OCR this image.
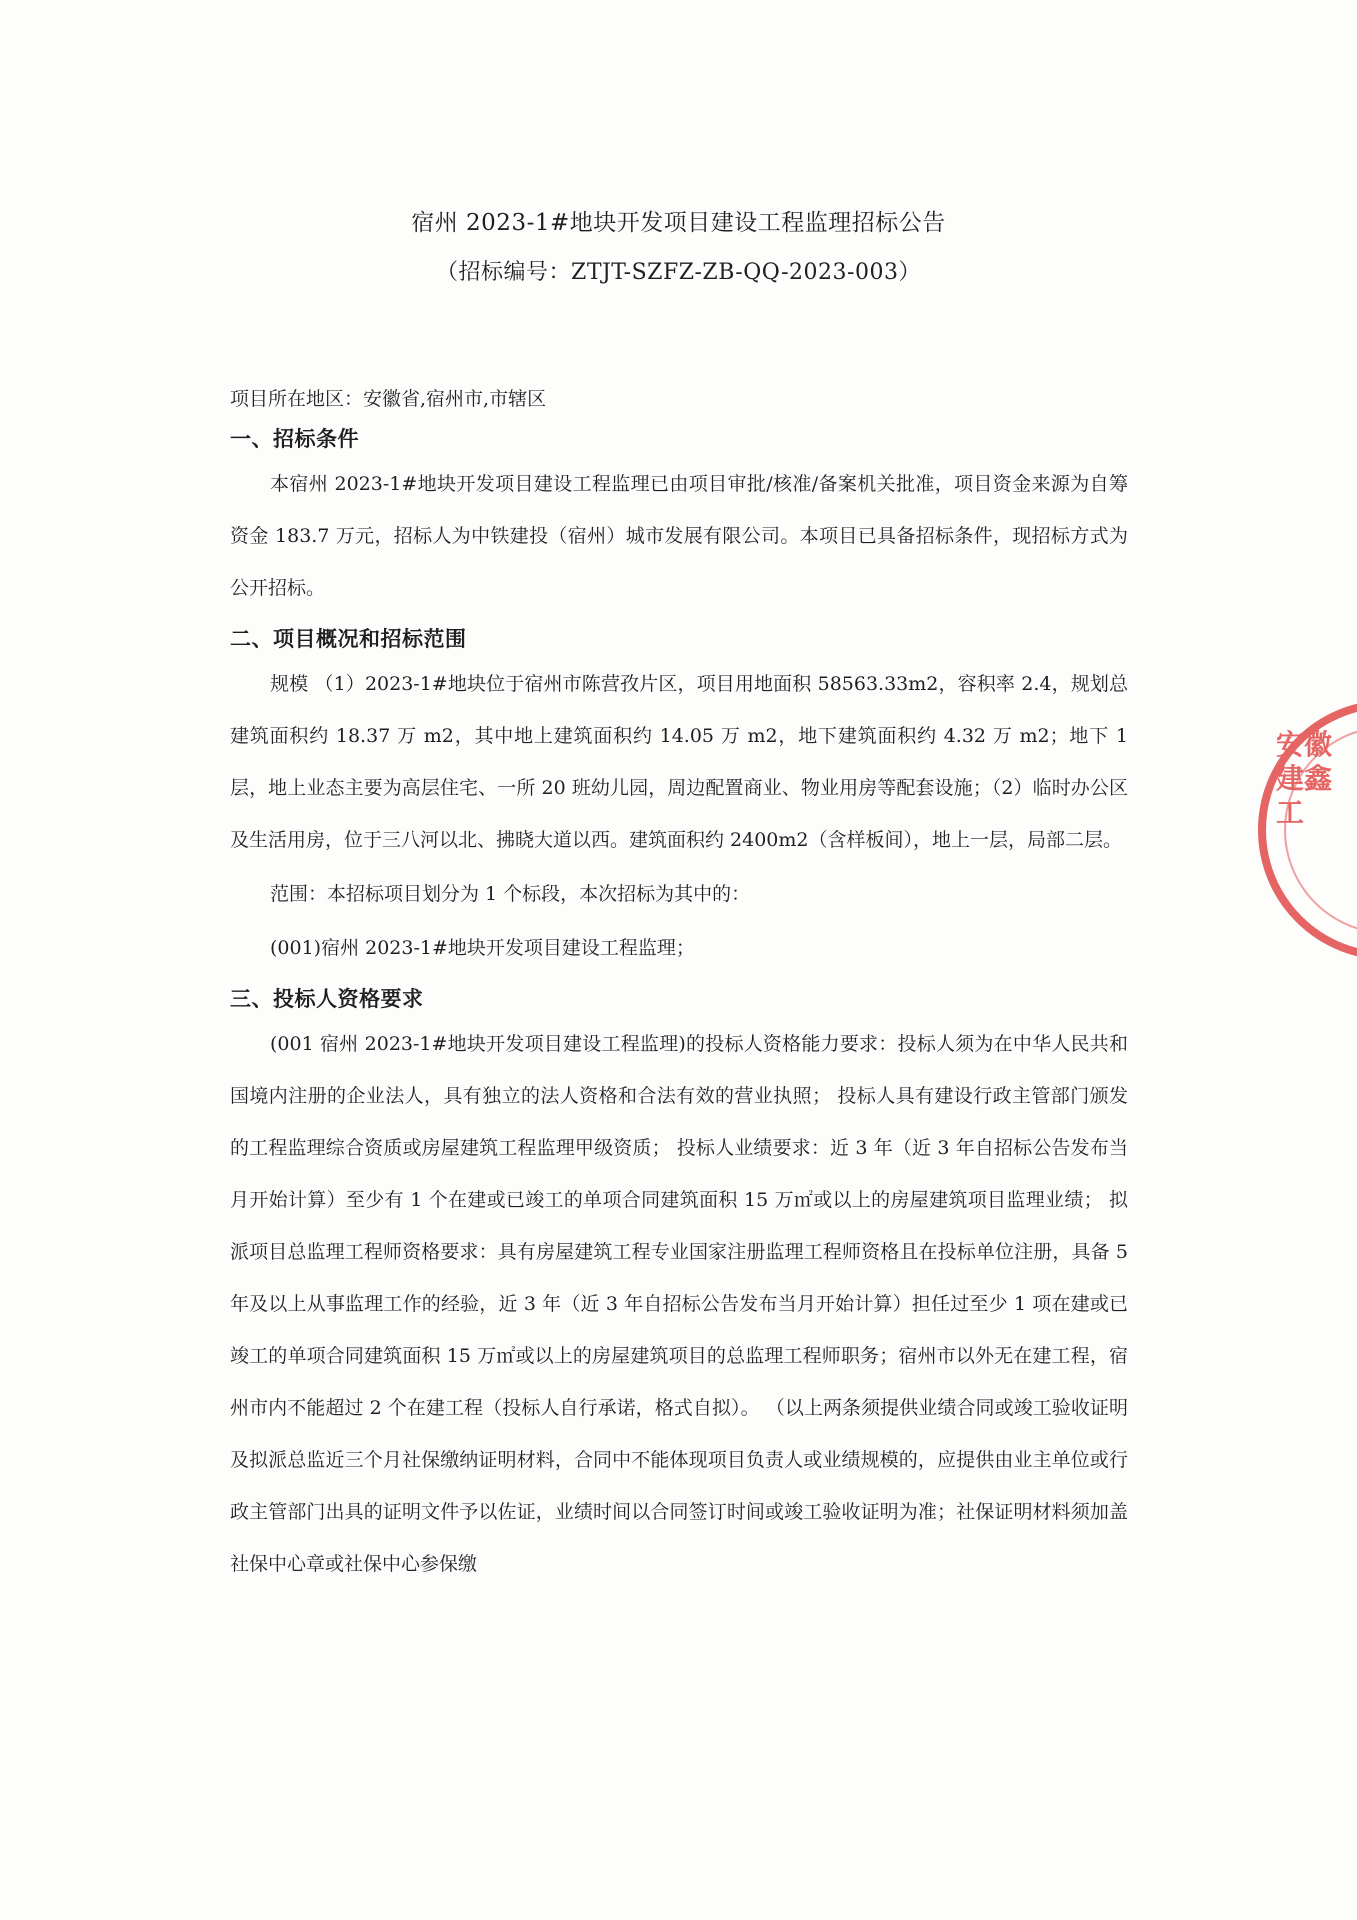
宿州 2023-1#地块开发项目建设工程监理招标公告

（招标编号：ZTJT-SZFZ-ZB-QQ-2023-003）

项目所在地区：安徽省,宿州市,市辖区

一、招标条件

本宿州 2023-1#地块开发项目建设工程监理已由项目审批/核准/备案机关批准，项目资金来源为自筹资金 183.7 万元，招标人为中铁建投（宿州）城市发展有限公司。本项目已具备招标条件，现招标方式为公开招标。

二、项目概况和招标范围

规模 （1）2023-1#地块位于宿州市陈营孜片区，项目用地面积 58563.33m2，容积率 2.4，规划总建筑面积约 18.37 万 m2，其中地上建筑面积约 14.05 万 m2，地下建筑面积约 4.32 万 m2；地下 1 层，地上业态主要为高层住宅、一所 20 班幼儿园，周边配置商业、物业用房等配套设施；（2）临时办公区及生活用房，位于三八河以北、拂晓大道以西。建筑面积约 2400m2（含样板间），地上一层，局部二层。

范围：本招标项目划分为 1 个标段，本次招标为其中的：

(001)宿州 2023-1#地块开发项目建设工程监理；

三、投标人资格要求

(001 宿州 2023-1#地块开发项目建设工程监理)的投标人资格能力要求：投标人须为在中华人民共和国境内注册的企业法人，具有独立的法人资格和合法有效的营业执照； 投标人具有建设行政主管部门颁发的工程监理综合资质或房屋建筑工程监理甲级资质； 投标人业绩要求：近 3 年（近 3 年自招标公告发布当月开始计算）至少有 1 个在建或已竣工的单项合同建筑面积 15 万㎡或以上的房屋建筑项目监理业绩； 拟派项目总监理工程师资格要求：具有房屋建筑工程专业国家注册监理工程师资格且在投标单位注册，具备 5 年及以上从事监理工作的经验，近 3 年（近 3 年自招标公告发布当月开始计算）担任过至少 1 项在建或已竣工的单项合同建筑面积 15 万㎡或以上的房屋建筑项目的总监理工程师职务；宿州市以外无在建工程，宿州市内不能超过 2 个在建工程（投标人自行承诺，格式自拟）。 （以上两条须提供业绩合同或竣工验收证明及拟派总监近三个月社保缴纳证明材料，合同中不能体现项目负责人或业绩规模的，应提供由业主单位或行政主管部门出具的证明文件予以佐证，业绩时间以合同签订时间或竣工验收证明为准；社保证明材料须加盖社保中心章或社保中心参保缴

安徽建鑫工
